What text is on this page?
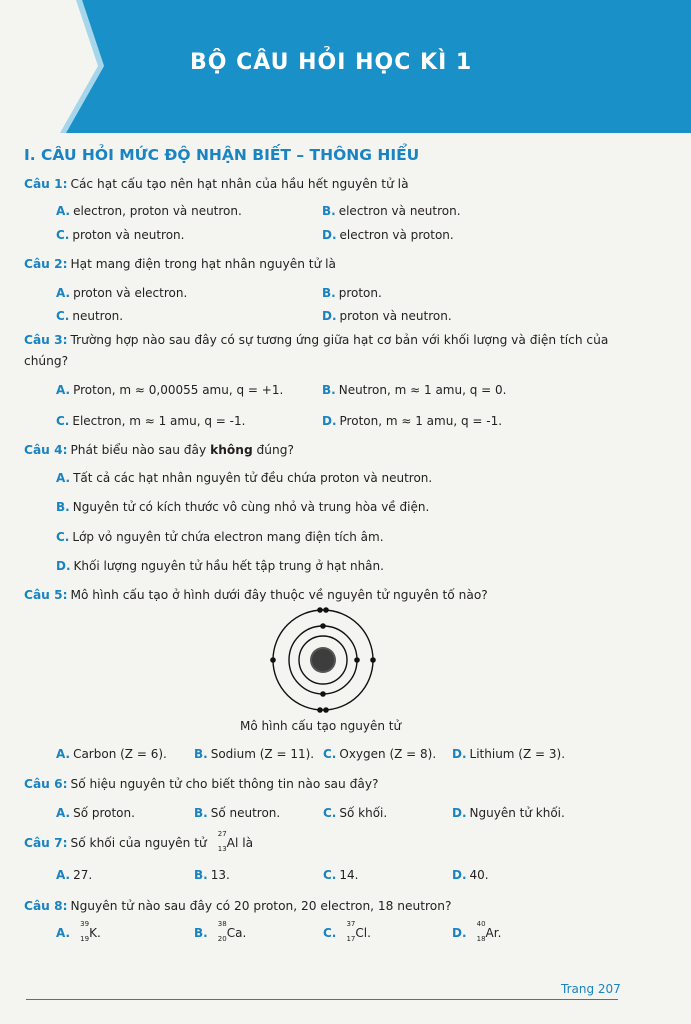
BỘ CÂU HỎI HỌC KÌ 1
I. CÂU HỎI MỨC ĐỘ NHẬN BIẾT – THÔNG HIỂU
Câu 1: Các hạt cấu tạo nên hạt nhân của hầu hết nguyên tử là
A. electron, proton và neutron.	B. electron và neutron.
C. proton và neutron.	D. electron và proton.
Câu 2: Hạt mang điện trong hạt nhân nguyên tử là
A. proton và electron.	B. proton.
C. neutron.	D. proton và neutron.
Câu 3: Trường hợp nào sau đây có sự tương ứng giữa hạt cơ bản với khối lượng và điện tích của chúng?
A. Proton, m ≈ 0,00055 amu, q = +1.	B. Neutron, m ≈ 1 amu, q = 0.
C. Electron, m ≈ 1 amu, q = -1.	D. Proton, m ≈ 1 amu, q = -1.
Câu 4: Phát biểu nào sau đây không đúng?
A. Tất cả các hạt nhân nguyên tử đều chứa proton và neutron.
B. Nguyên tử có kích thước vô cùng nhỏ và trung hòa về điện.
C. Lớp vỏ nguyên tử chứa electron mang điện tích âm.
D. Khối lượng nguyên tử hầu hết tập trung ở hạt nhân.
Câu 5: Mô hình cấu tạo ở hình dưới đây thuộc về nguyên tử nguyên tố nào?
Mô hình cấu tạo nguyên tử
A. Carbon (Z = 6). B. Sodium (Z = 11). C. Oxygen (Z = 8). D. Lithium (Z = 3).
Câu 6: Số hiệu nguyên tử cho biết thông tin nào sau đây?
A. Số proton.	B. Số neutron.	C. Số khối.	D. Nguyên tử khối.
Câu 7: Số khối của nguyên tử
27
13 Al là
A. 27.	B. 13.	C. 14.	D. 40.
Câu 8: Nguyên tử nào sau đây có 20 proton, 20 electron, 18 neutron?
A.
39
19 K.	B.
38
20 Ca.	C.
37
17 Cl.	D.
40
18 Ar.
Trang 207
